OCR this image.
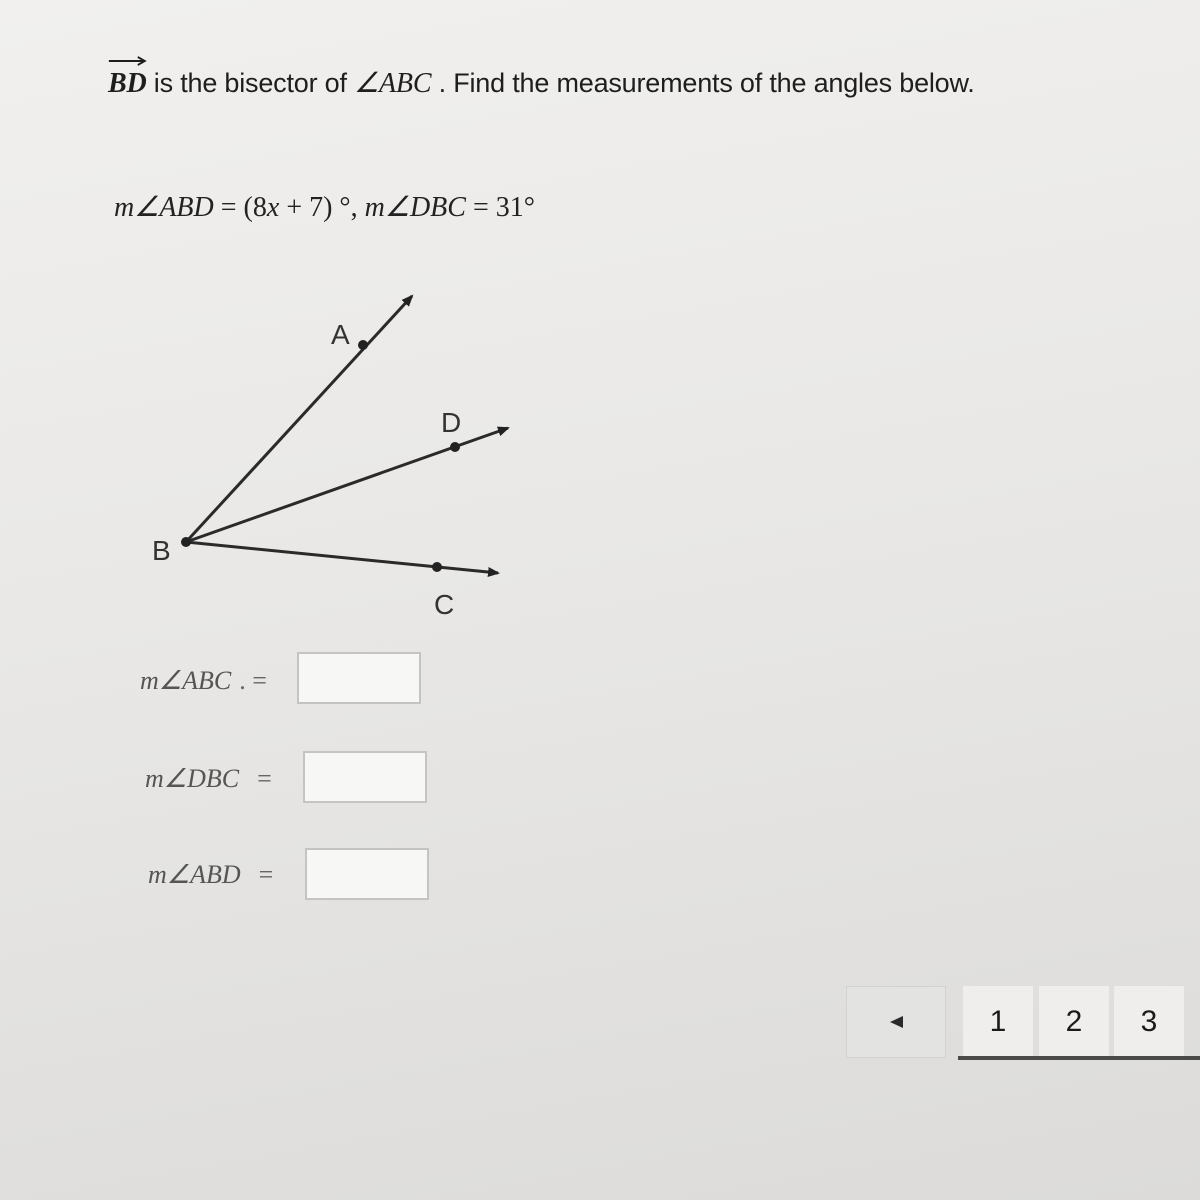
BD is the bisector of ∠ABC . Find the measurements of the angles below.
m∠ABD = (8x + 7) °, m∠DBC = 31°
A
B
C
D
m∠ABC . =
m∠DBC =
m∠ABD =
1	2	3
